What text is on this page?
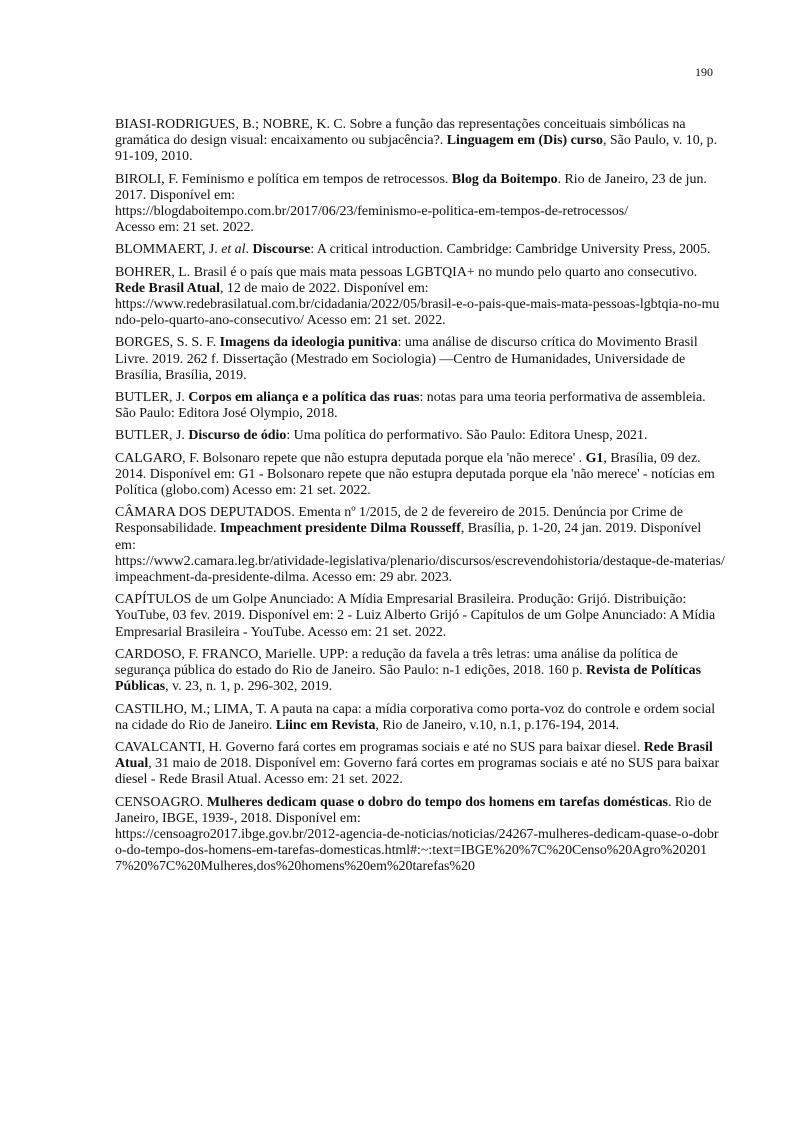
190

BIASI-RODRIGUES, B.; NOBRE, K. C. Sobre a função das representações conceituais simbólicas na gramática do design visual: encaixamento ou subjacência?. Linguagem em (Dis) curso, São Paulo, v. 10, p. 91-109, 2010.

BIROLI, F. Feminismo e política em tempos de retrocessos. Blog da Boitempo. Rio de Janeiro, 23 de jun. 2017. Disponível em:
https://blogdaboitempo.com.br/2017/06/23/feminismo-e-politica-em-tempos-de-retrocessos/
Acesso em: 21 set. 2022.

BLOMMAERT, J. et al. Discourse: A critical introduction. Cambridge: Cambridge University Press, 2005.

BOHRER, L. Brasil é o país que mais mata pessoas LGBTQIA+ no mundo pelo quarto ano consecutivo. Rede Brasil Atual, 12 de maio de 2022. Disponível em:
https://www.redebrasilatual.com.br/cidadania/2022/05/brasil-e-o-pais-que-mais-mata-pessoas-lgbtqia-no-mundo-pelo-quarto-ano-consecutivo/ Acesso em: 21 set. 2022.

BORGES, S. S. F. Imagens da ideologia punitiva: uma análise de discurso crítica do Movimento Brasil Livre. 2019. 262 f. Dissertação (Mestrado em Sociologia) —Centro de Humanidades, Universidade de Brasília, Brasília, 2019.

BUTLER, J. Corpos em aliança e a política das ruas: notas para uma teoria performativa de assembleia. São Paulo: Editora José Olympio, 2018.

BUTLER, J. Discurso de ódio: Uma política do performativo. São Paulo: Editora Unesp, 2021.

CALGARO, F. Bolsonaro repete que não estupra deputada porque ela 'não merece' . G1, Brasília, 09 dez. 2014. Disponível em: G1 - Bolsonaro repete que não estupra deputada porque ela 'não merece' - notícias em Política (globo.com) Acesso em: 21 set. 2022.

CÂMARA DOS DEPUTADOS. Ementa nº 1/2015, de 2 de fevereiro de 2015. Denúncia por Crime de Responsabilidade. Impeachment presidente Dilma Rousseff, Brasília, p. 1-20, 24 jan. 2019. Disponível em:
https://www2.camara.leg.br/atividade-legislativa/plenario/discursos/escrevendohistoria/destaque-de-materias/impeachment-da-presidente-dilma. Acesso em: 29 abr. 2023.

CAPÍTULOS de um Golpe Anunciado: A Mídia Empresarial Brasileira. Produção: Grijó. Distribuição: YouTube, 03 fev. 2019. Disponível em: 2 - Luiz Alberto Grijó - Capítulos de um Golpe Anunciado: A Mídia Empresarial Brasileira - YouTube. Acesso em: 21 set. 2022.

CARDOSO, F. FRANCO, Marielle. UPP: a redução da favela a três letras: uma análise da política de segurança pública do estado do Rio de Janeiro. São Paulo: n-1 edições, 2018. 160 p. Revista de Políticas Públicas, v. 23, n. 1, p. 296-302, 2019.

CASTILHO, M.; LIMA, T. A pauta na capa: a mídia corporativa como porta-voz do controle e ordem social na cidade do Rio de Janeiro. Liinc em Revista, Rio de Janeiro, v.10, n.1, p.176-194, 2014.

CAVALCANTI, H. Governo fará cortes em programas sociais e até no SUS para baixar diesel. Rede Brasil Atual, 31 maio de 2018. Disponível em: Governo fará cortes em programas sociais e até no SUS para baixar diesel - Rede Brasil Atual. Acesso em: 21 set. 2022.

CENSOAGRO. Mulheres dedicam quase o dobro do tempo dos homens em tarefas domésticas. Rio de Janeiro, IBGE, 1939-, 2018. Disponível em:
https://censoagro2017.ibge.gov.br/2012-agencia-de-noticias/noticias/24267-mulheres-dedicam-quase-o-dobro-do-tempo-dos-homens-em-tarefas-domesticas.html#:~:text=IBGE%20%7C%20Censo%20Agro%202017%20%7C%20Mulheres,dos%20homens%20em%20tarefas%20
